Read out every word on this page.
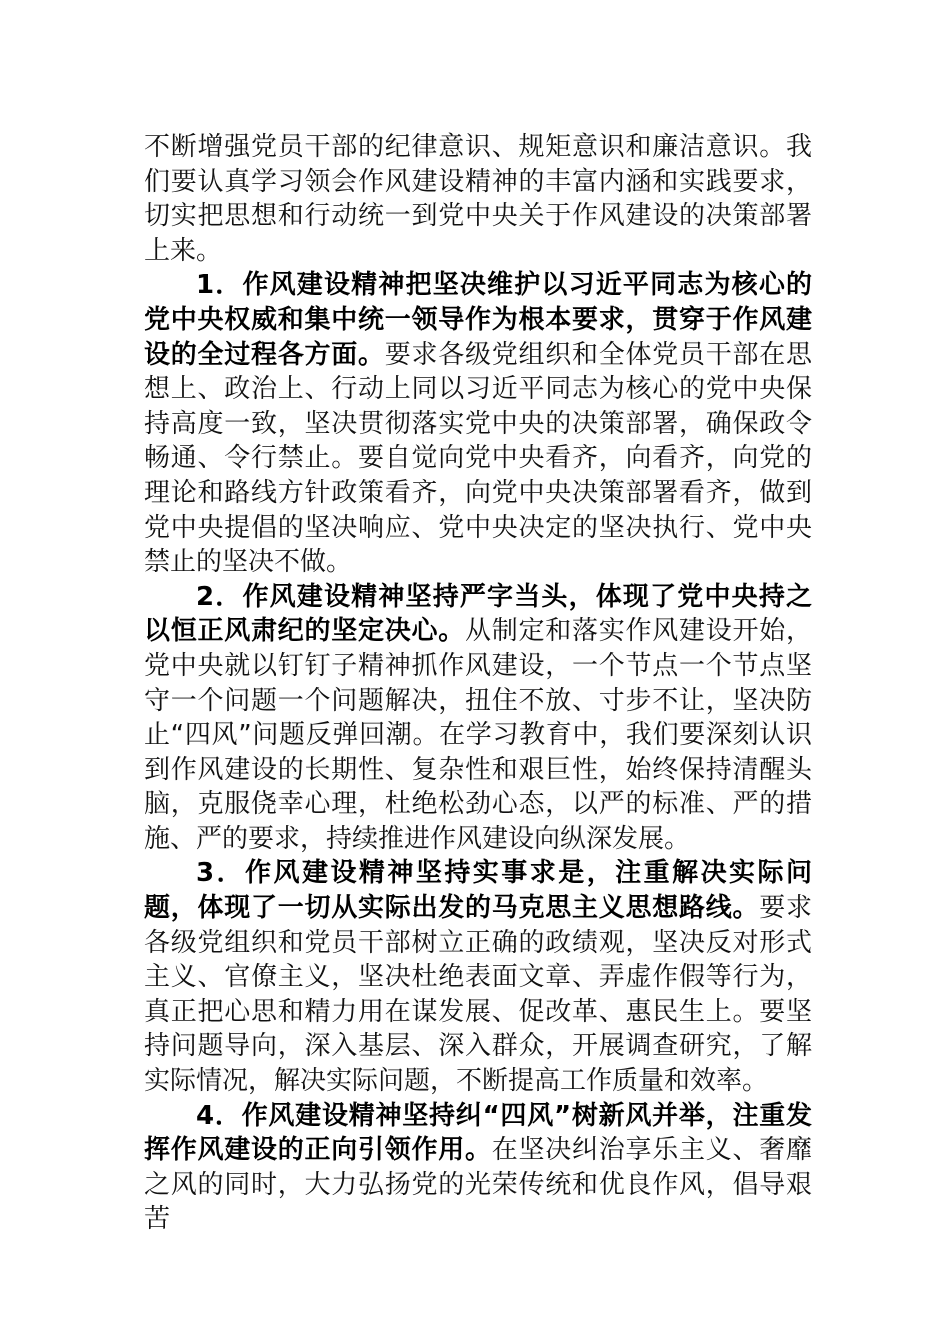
不断增强党员干部的纪律意识、规矩意识和廉洁意识。我们要认真学习领会作风建设精神的丰富内涵和实践要求，切实把思想和行动统一到党中央关于作风建设的决策部署上来。

1．作风建设精神把坚决维护以习近平同志为核心的党中央权威和集中统一领导作为根本要求，贯穿于作风建设的全过程各方面。要求各级党组织和全体党员干部在思想上、政治上、行动上同以习近平同志为核心的党中央保持高度一致，坚决贯彻落实党中央的决策部署，确保政令畅通、令行禁止。要自觉向党中央看齐，向看齐，向党的理论和路线方针政策看齐，向党中央决策部署看齐，做到党中央提倡的坚决响应、党中央决定的坚决执行、党中央禁止的坚决不做。

2．作风建设精神坚持严字当头，体现了党中央持之以恒正风肃纪的坚定决心。从制定和落实作风建设开始，党中央就以钉钉子精神抓作风建设，一个节点一个节点坚守一个问题一个问题解决，扭住不放、寸步不让，坚决防止“四风”问题反弹回潮。在学习教育中，我们要深刻认识到作风建设的长期性、复杂性和艰巨性，始终保持清醒头脑，克服侥幸心理，杜绝松劲心态，以严的标准、严的措施、严的要求，持续推进作风建设向纵深发展。

3．作风建设精神坚持实事求是，注重解决实际问题，体现了一切从实际出发的马克思主义思想路线。要求各级党组织和党员干部树立正确的政绩观，坚决反对形式主义、官僚主义，坚决杜绝表面文章、弄虚作假等行为，真正把心思和精力用在谋发展、促改革、惠民生上。要坚持问题导向，深入基层、深入群众，开展调查研究，了解实际情况，解决实际问题，不断提高工作质量和效率。

4．作风建设精神坚持纠“四风”树新风并举，注重发挥作风建设的正向引领作用。在坚决纠治享乐主义、奢靡之风的同时，大力弘扬党的光荣传统和优良作风，倡导艰苦
